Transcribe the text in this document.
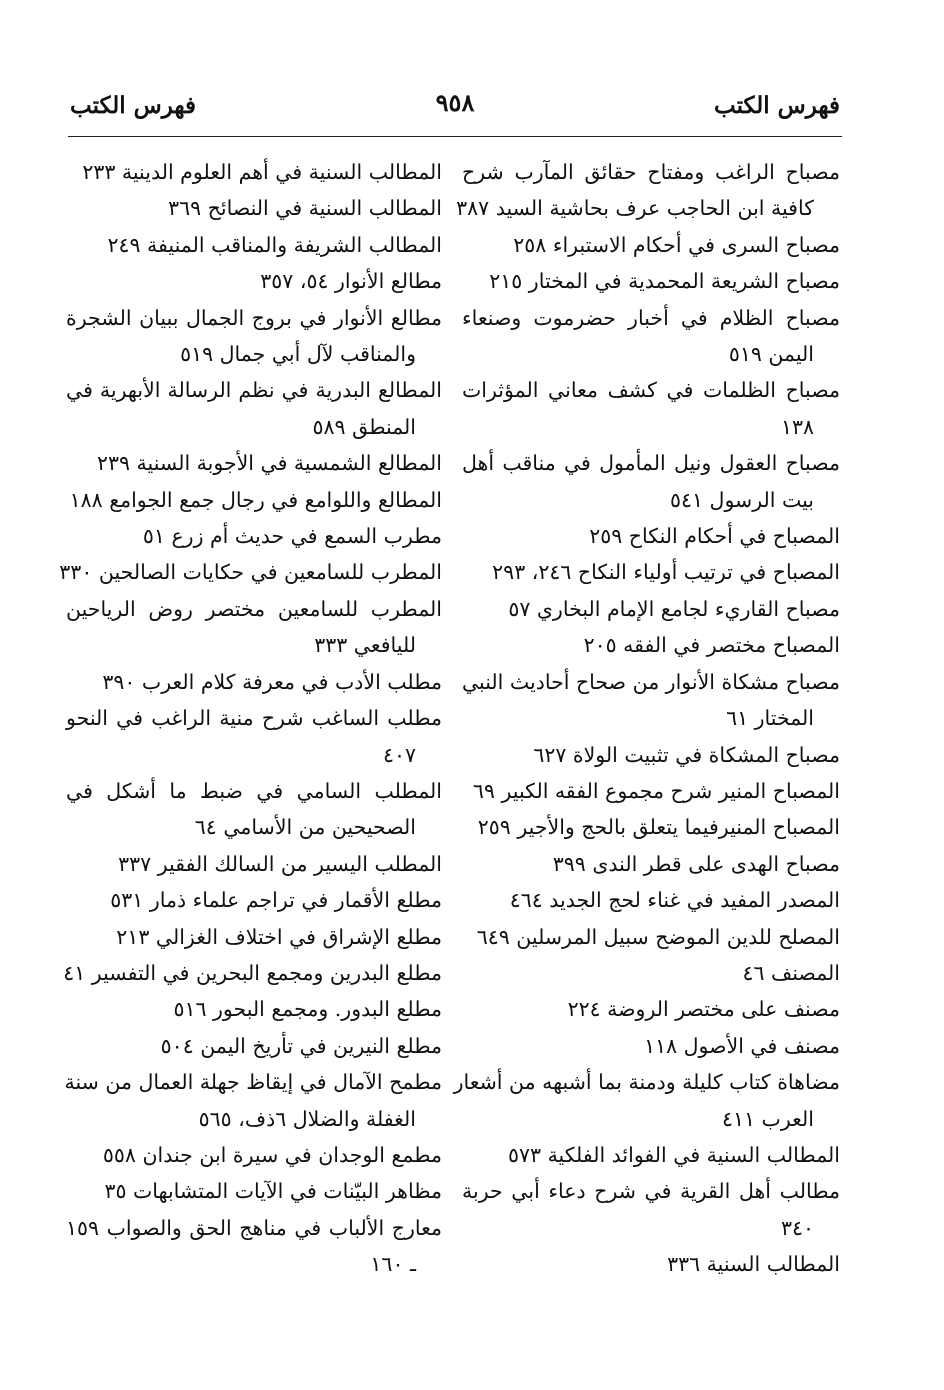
فهرس الكتب
٩٥٨
فهرس الكتب
مصباح الراغب ومفتاح حقائق المآرب شرح
كافية ابن الحاجب عرف بحاشية السيد ٣٨٧
مصباح السرى في أحكام الاستبراء ٢٥٨
مصباح الشريعة المحمدية في المختار ٢١٥
مصباح الظلام في أخبار حضرموت وصنعاء
اليمن ٥١٩
مصباح الظلمات في كشف معاني المؤثرات
١٣٨
مصباح العقول ونيل المأمول في مناقب أهل
بيت الرسول ٥٤١
المصباح في أحكام النكاح ٢٥٩
المصباح في ترتيب أولياء النكاح ٢٤٦، ٢٩٣
مصباح القاريء لجامع الإمام البخاري ٥٧
المصباح مختصر في الفقه ٢٠٥
مصباح مشكاة الأنوار من صحاح أحاديث النبي
المختار ٦١
مصباح المشكاة في تثبيت الولاة ٦٢٧
المصباح المنير شرح مجموع الفقه الكبير ٦٩
المصباح المنيرفيما يتعلق بالحج والأجير ٢٥٩
مصباح الهدى على قطر الندى ٣٩٩
المصدر المفيد في غناء لحج الجديد ٤٦٤
المصلح للدين الموضح سبيل المرسلين ٦٤٩
المصنف ٤٦
مصنف على مختصر الروضة ٢٢٤
مصنف في الأصول ١١٨
مضاهاة كتاب كليلة ودمنة بما أشبهه من أشعار
العرب ٤١١
المطالب السنية في الفوائد الفلكية ٥٧٣
مطالب أهل القرية في شرح دعاء أبي حربة
٣٤٠
المطالب السنية ٣٣٦
المطالب السنية في أهم العلوم الدينية ٢٣٣
المطالب السنية في النصائح ٣٦٩
المطالب الشريفة والمناقب المنيفة ٢٤٩
مطالع الأنوار ٥٤، ٣٥٧
مطالع الأنوار في بروج الجمال ببيان الشجرة
والمناقب لآل أبي جمال ٥١٩
المطالع البدرية في نظم الرسالة الأبهرية في
المنطق ٥٨٩
المطالع الشمسية في الأجوبة السنية ٢٣٩
المطالع واللوامع في رجال جمع الجوامع ١٨٨
مطرب السمع في حديث أم زرع ٥١
المطرب للسامعين في حكايات الصالحين ٣٣٠
المطرب للسامعين مختصر روض الرياحين
لليافعي ٣٣٣
مطلب الأدب في معرفة كلام العرب ٣٩٠
مطلب الساغب شرح منية الراغب في النحو
٤٠٧
المطلب السامي في ضبط ما أشكل في
الصحيحين من الأسامي ٦٤
المطلب اليسير من السالك الفقير ٣٣٧
مطلع الأقمار في تراجم علماء ذمار ٥٣١
مطلع الإشراق في اختلاف الغزالي ٢١٣
مطلع البدرين ومجمع البحرين في التفسير ٤١
مطلع البدور. ومجمع البحور ٥١٦
مطلع النيرين في تأريخ اليمن ٥٠٤
مطمح الآمال في إيقاظ جهلة العمال من سنة
الغفلة والضلال ٦ذف، ٥٦٥
مطمع الوجدان في سيرة ابن جندان ٥٥٨
مظاهر البيّنات في الآيات المتشابهات ٣٥
معارج الألباب في مناهج الحق والصواب ١٥٩
ـ ١٦٠
